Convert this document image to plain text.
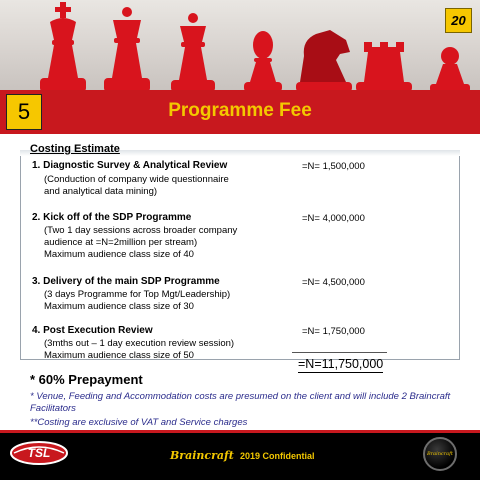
20
5	Programme Fee
Costing Estimate
1. Diagnostic Survey & Analytical Review
(Conduction of company wide questionnaire
and analytical data mining)
=N= 1,500,000
2. Kick off of the SDP Programme
(Two 1 day sessions across broader company
audience at =N=2million per stream)
Maximum audience class size of 40
=N= 4,000,000
3. Delivery of the main SDP Programme
(3 days Programme for Top Mgt/Leadership)
Maximum audience class size of 30
=N= 4,500,000
4. Post Execution Review
(3mths out – 1 day execution review session)
Maximum audience class size of 50
=N= 1,750,000
=N=11,750,000
* 60% Prepayment
* Venue, Feeding and Accommodation costs are presumed on the client and will include 2 Braincraft
Facilitators
**Costing are exclusive of VAT and Service charges
TSL	Braincraft 2019 Confidential	Braincraft
